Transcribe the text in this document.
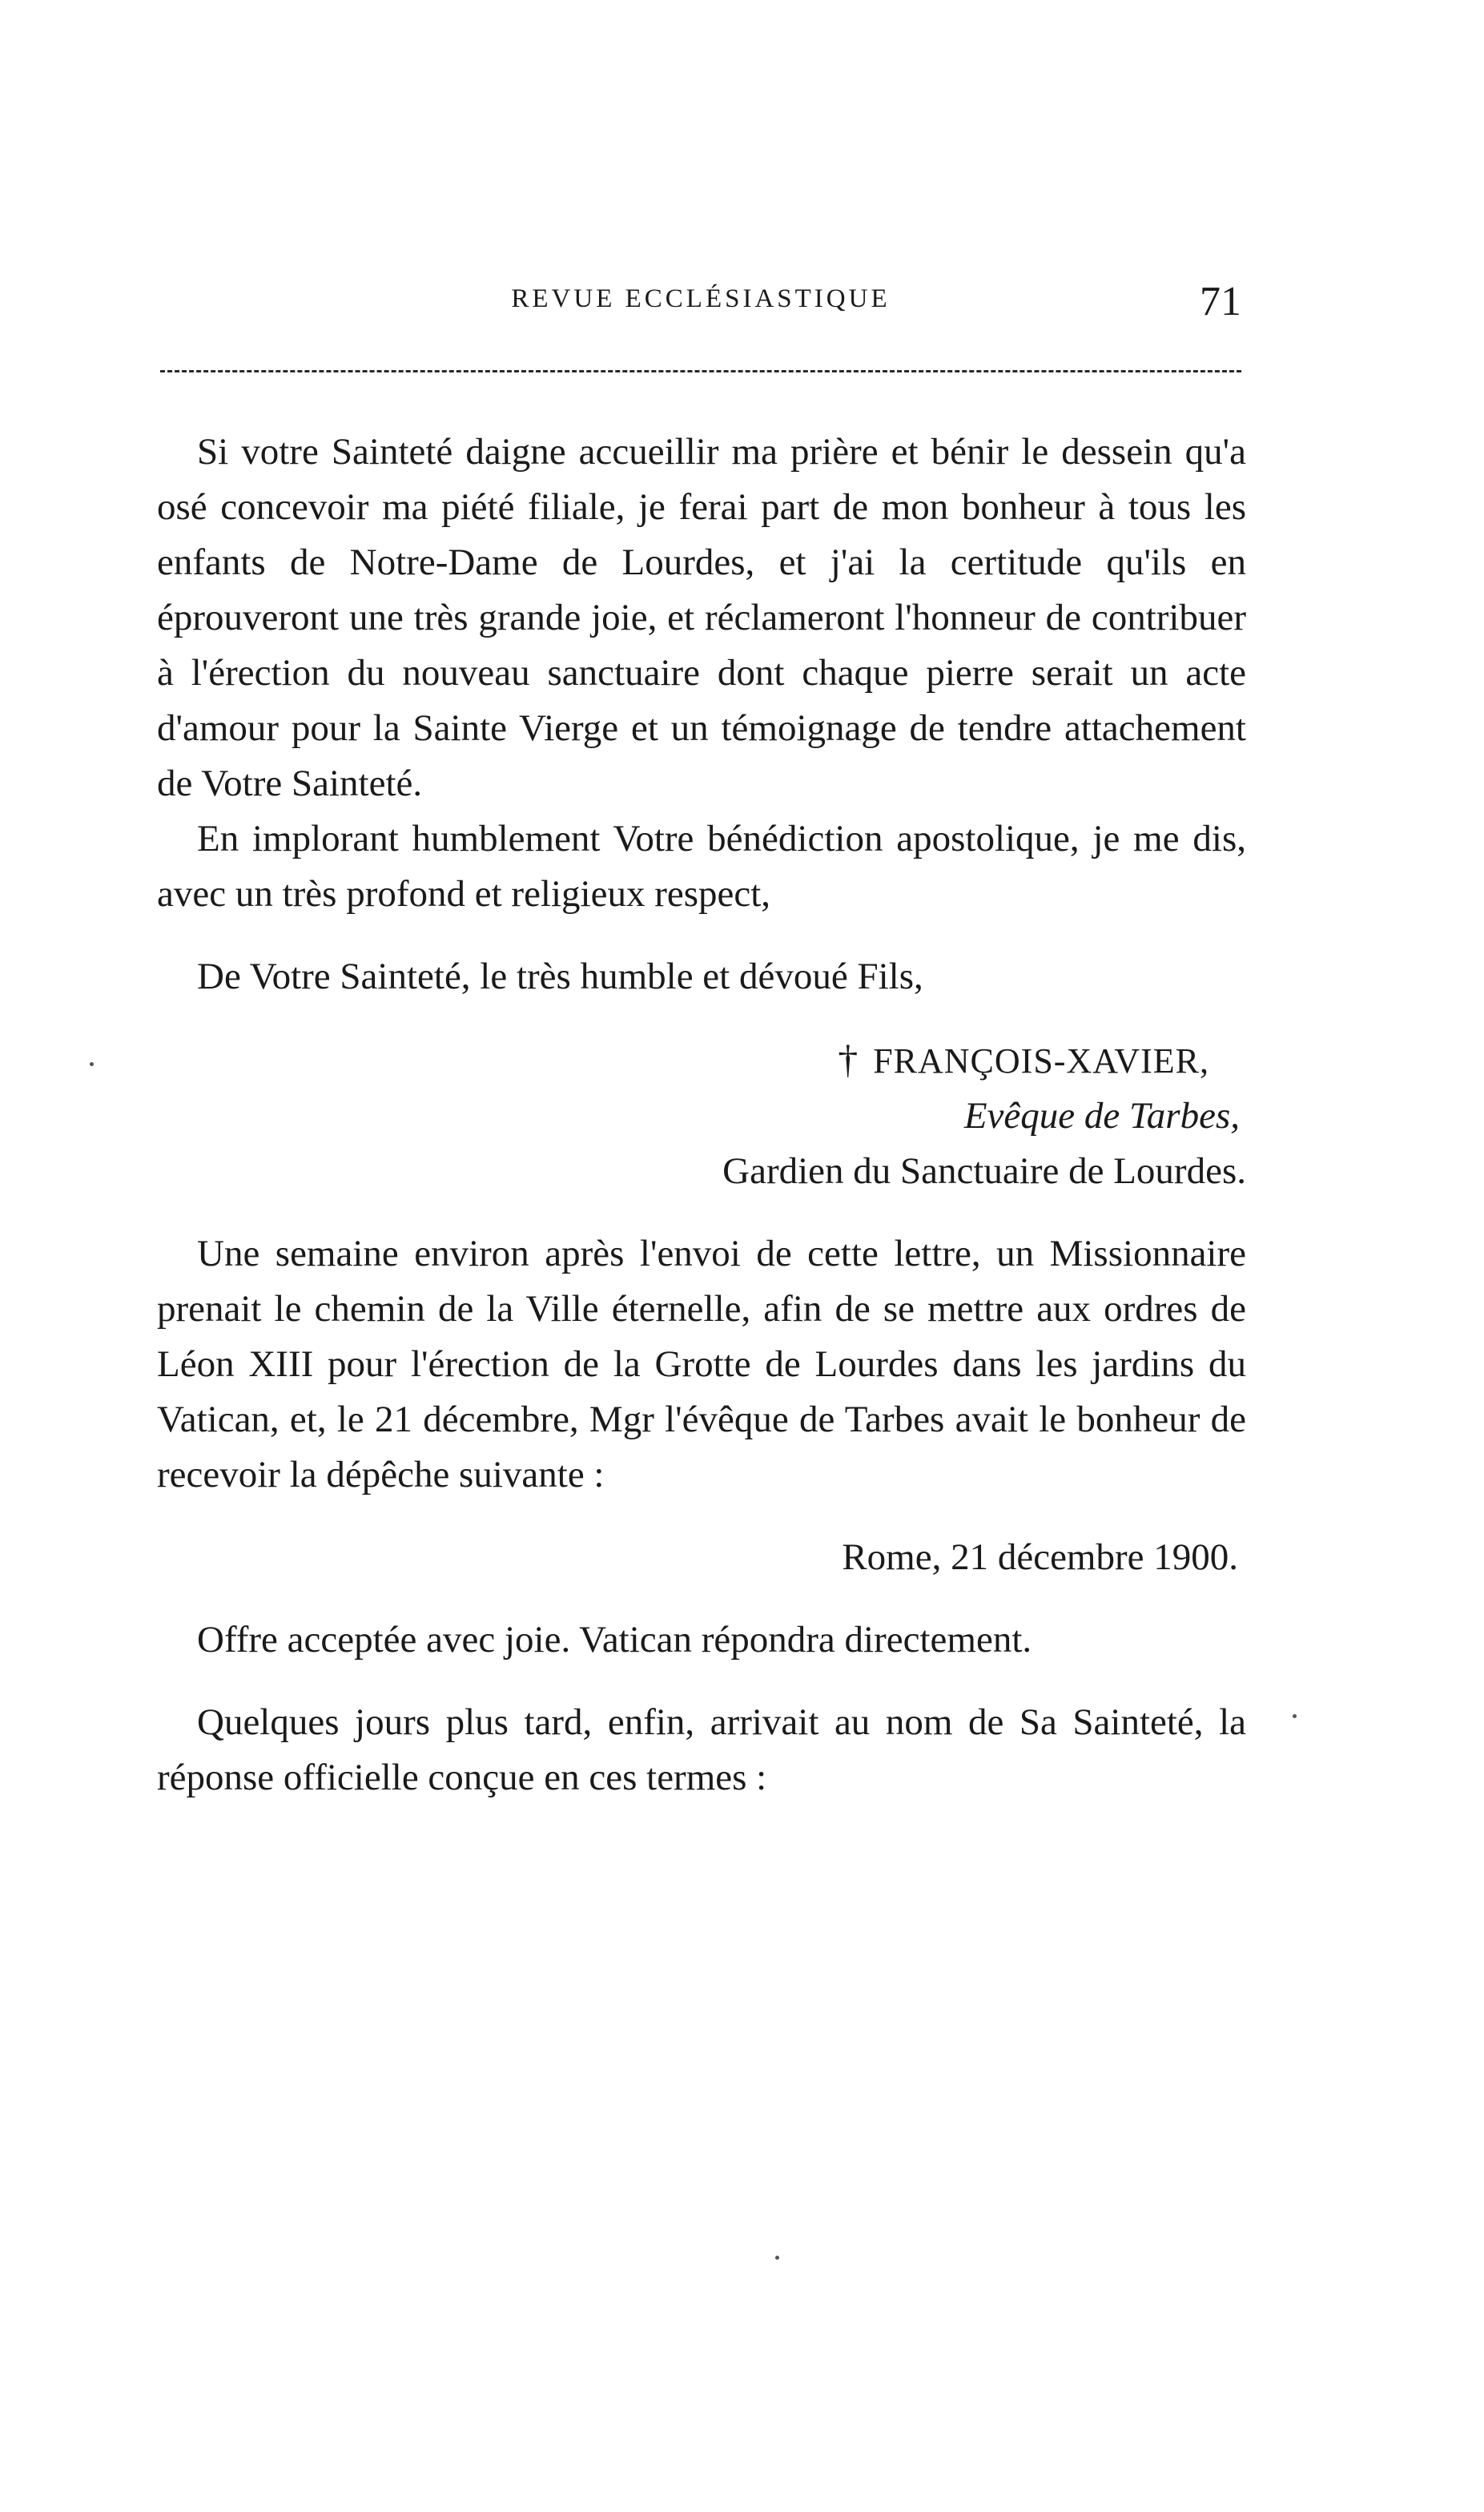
REVUE ECCLÉSIASTIQUE	71

Si votre Sainteté daigne accueillir ma prière et bénir le dessein qu'a osé concevoir ma piété filiale, je ferai part de mon bonheur à tous les enfants de Notre-Dame de Lourdes, et j'ai la certitude qu'ils en éprouveront une très grande joie, et réclameront l'honneur de contribuer à l'érection du nouveau sanctuaire dont chaque pierre serait un acte d'amour pour la Sainte Vierge et un témoignage de tendre attachement de Votre Sainteté.

En implorant humblement Votre bénédiction apostolique, je me dis, avec un très profond et religieux respect,

De Votre Sainteté, le très humble et dévoué Fils,

† FRANÇOIS-XAVIER,
Evêque de Tarbes,
Gardien du Sanctuaire de Lourdes.

Une semaine environ après l'envoi de cette lettre, un Missionnaire prenait le chemin de la Ville éternelle, afin de se mettre aux ordres de Léon XIII pour l'érection de la Grotte de Lourdes dans les jardins du Vatican, et, le 21 décembre, Mgr l'évêque de Tarbes avait le bonheur de recevoir la dépêche suivante :

Rome, 21 décembre 1900.

Offre acceptée avec joie. Vatican répondra directement.

Quelques jours plus tard, enfin, arrivait au nom de Sa Sainteté, la réponse officielle conçue en ces termes :
